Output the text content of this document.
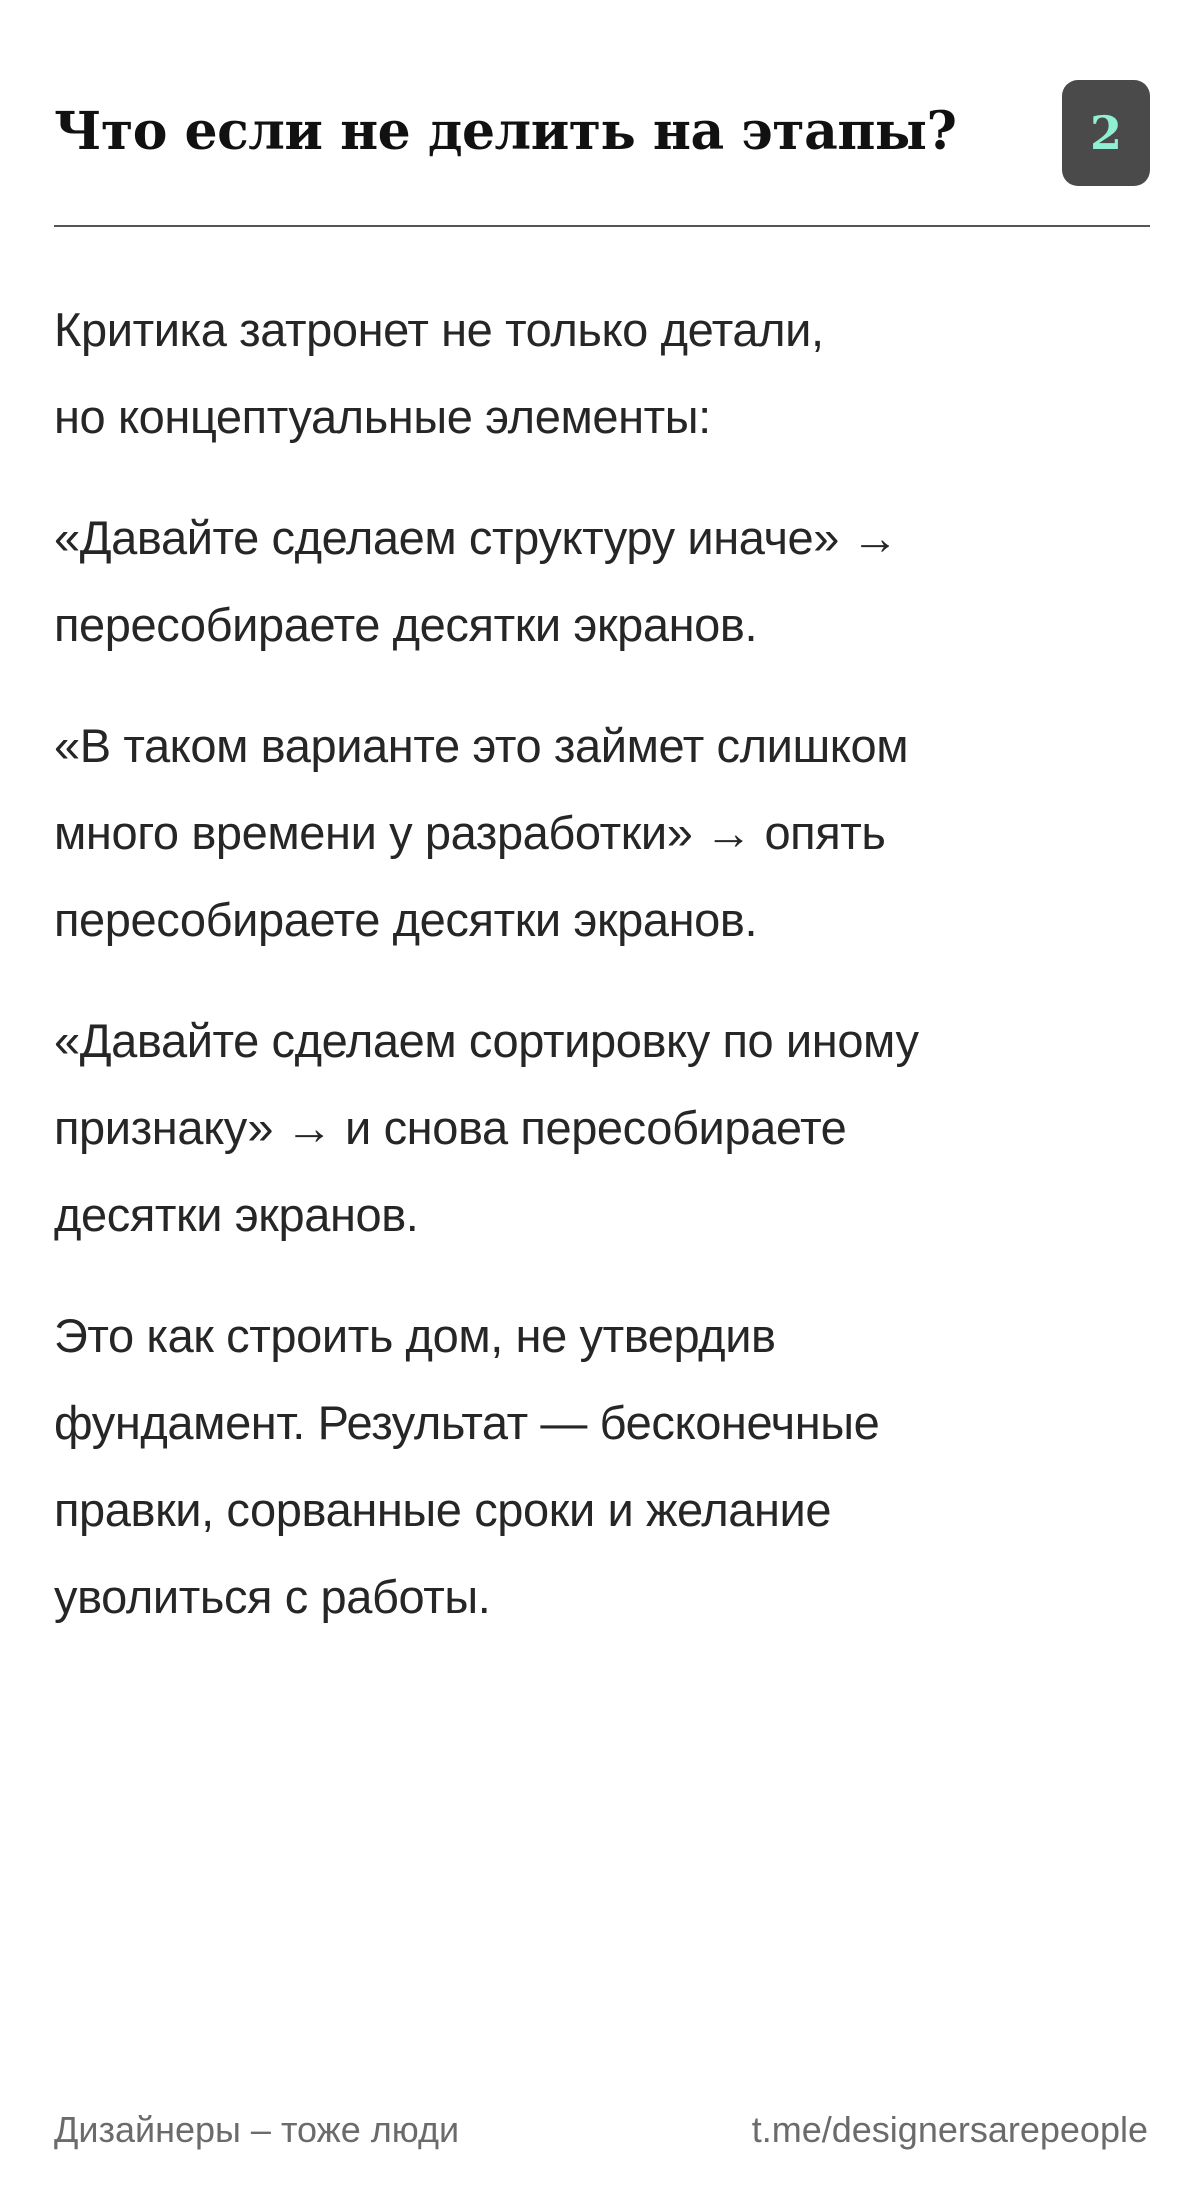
Что если не делить на этапы?	2

Критика затронет не только детали,
но концептуальные элементы:

«Давайте сделаем структуру иначе» →
пересобираете десятки экранов.

«В таком варианте это займет слишком
много времени у разработки» → опять
пересобираете десятки экранов.

«Давайте сделаем сортировку по иному
признаку» → и снова пересобираете
десятки экранов.

Это как строить дом, не утвердив
фундамент. Результат — бесконечные
правки, сорванные сроки и желание
уволиться с работы.

Дизайнеры – тоже люди	t.me/designersarepeople
